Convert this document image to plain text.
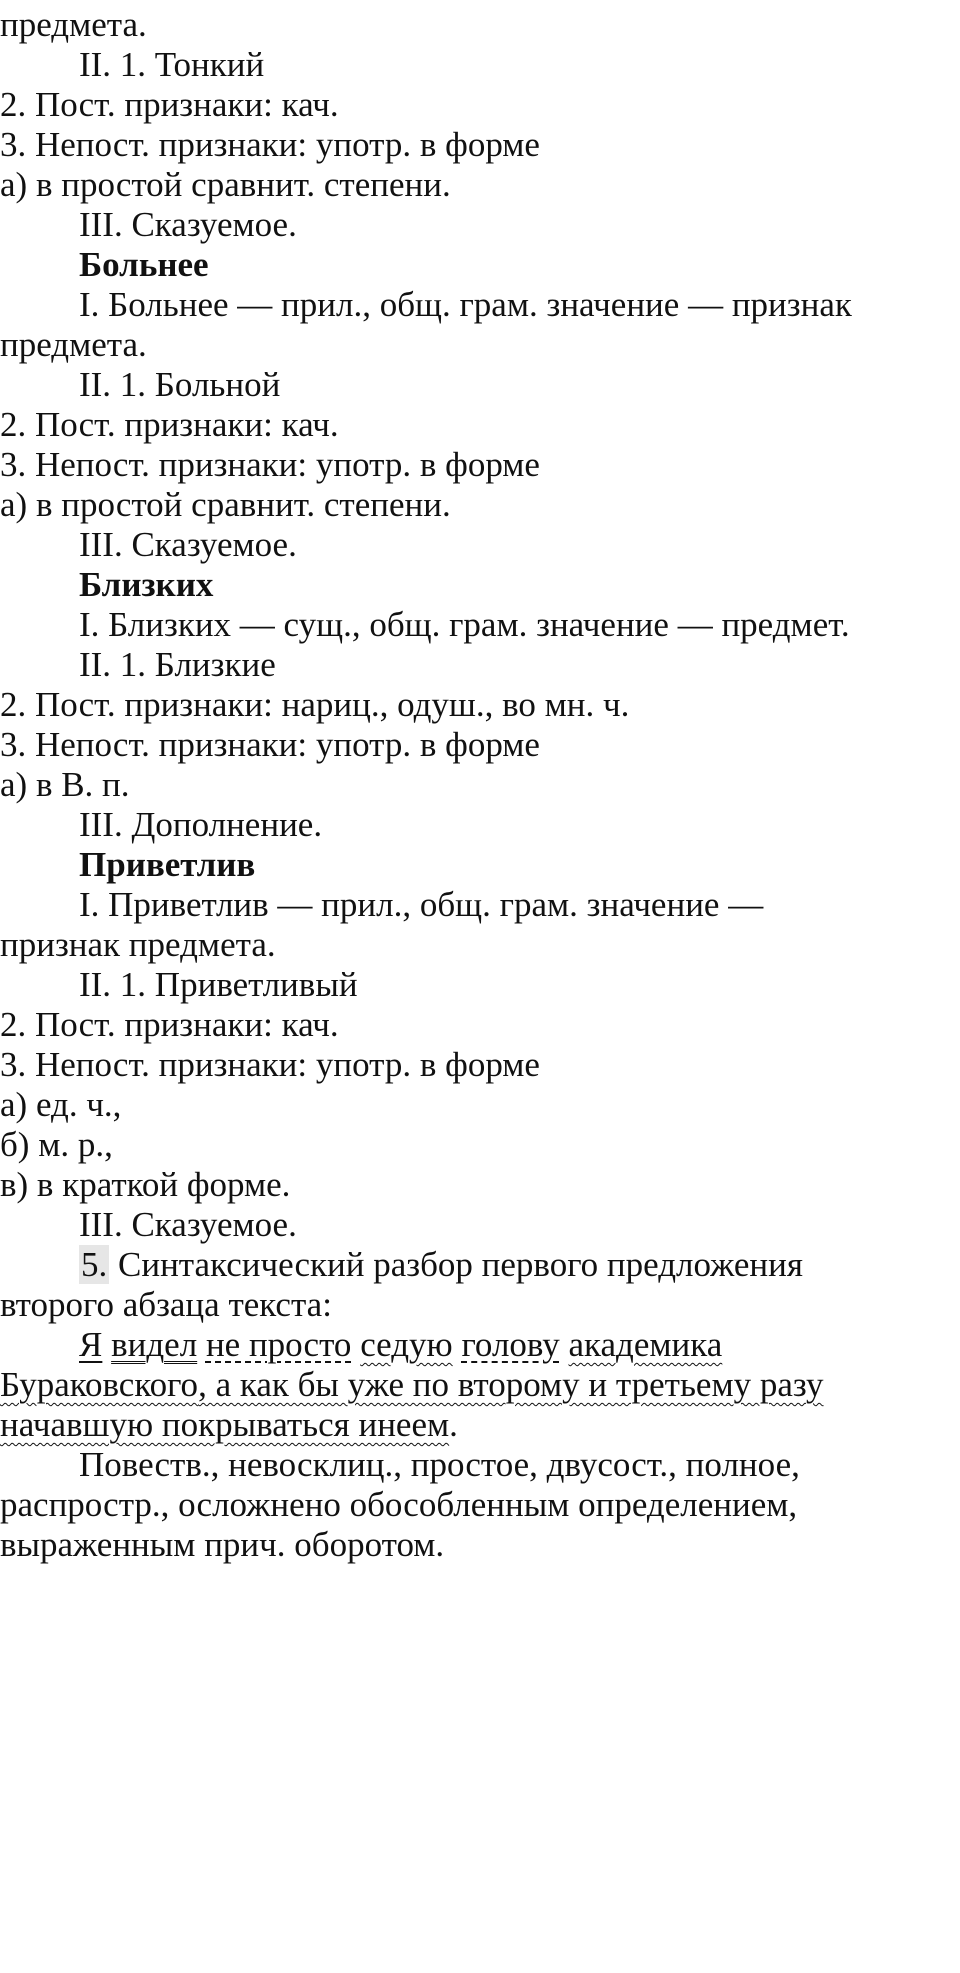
предмета.
II. 1. Тонкий
2. Пост. признаки: кач.
3. Непост. признаки: употр. в форме
а) в простой сравнит. степени.
III. Сказуемое.
Больнее
I. Больнее — прил., общ. грам. значение — признак
предмета.
II. 1. Больной
2. Пост. признаки: кач.
3. Непост. признаки: употр. в форме
а) в простой сравнит. степени.
III. Сказуемое.
Близких
I. Близких — сущ., общ. грам. значение — предмет.
II. 1. Близкие
2. Пост. признаки: нариц., одуш., во мн. ч.
3. Непост. признаки: употр. в форме
а) в В. п.
III. Дополнение.
Приветлив
I. Приветлив — прил., общ. грам. значение —
признак предмета.
II. 1. Приветливый
2. Пост. признаки: кач.
3. Непост. признаки: употр. в форме
а) ед. ч.,
б) м. р.,
в) в краткой форме.
III. Сказуемое.
5. Синтаксический разбор первого предложения
второго абзаца текста:
Я видел не просто седую голову академика
Бураковского, а как бы уже по второму и третьему разу
начавшую покрываться инеем.
Повеств., невосклиц., простое, двусост., полное,
распростр., осложнено обособленным определением,
выраженным прич. оборотом.
